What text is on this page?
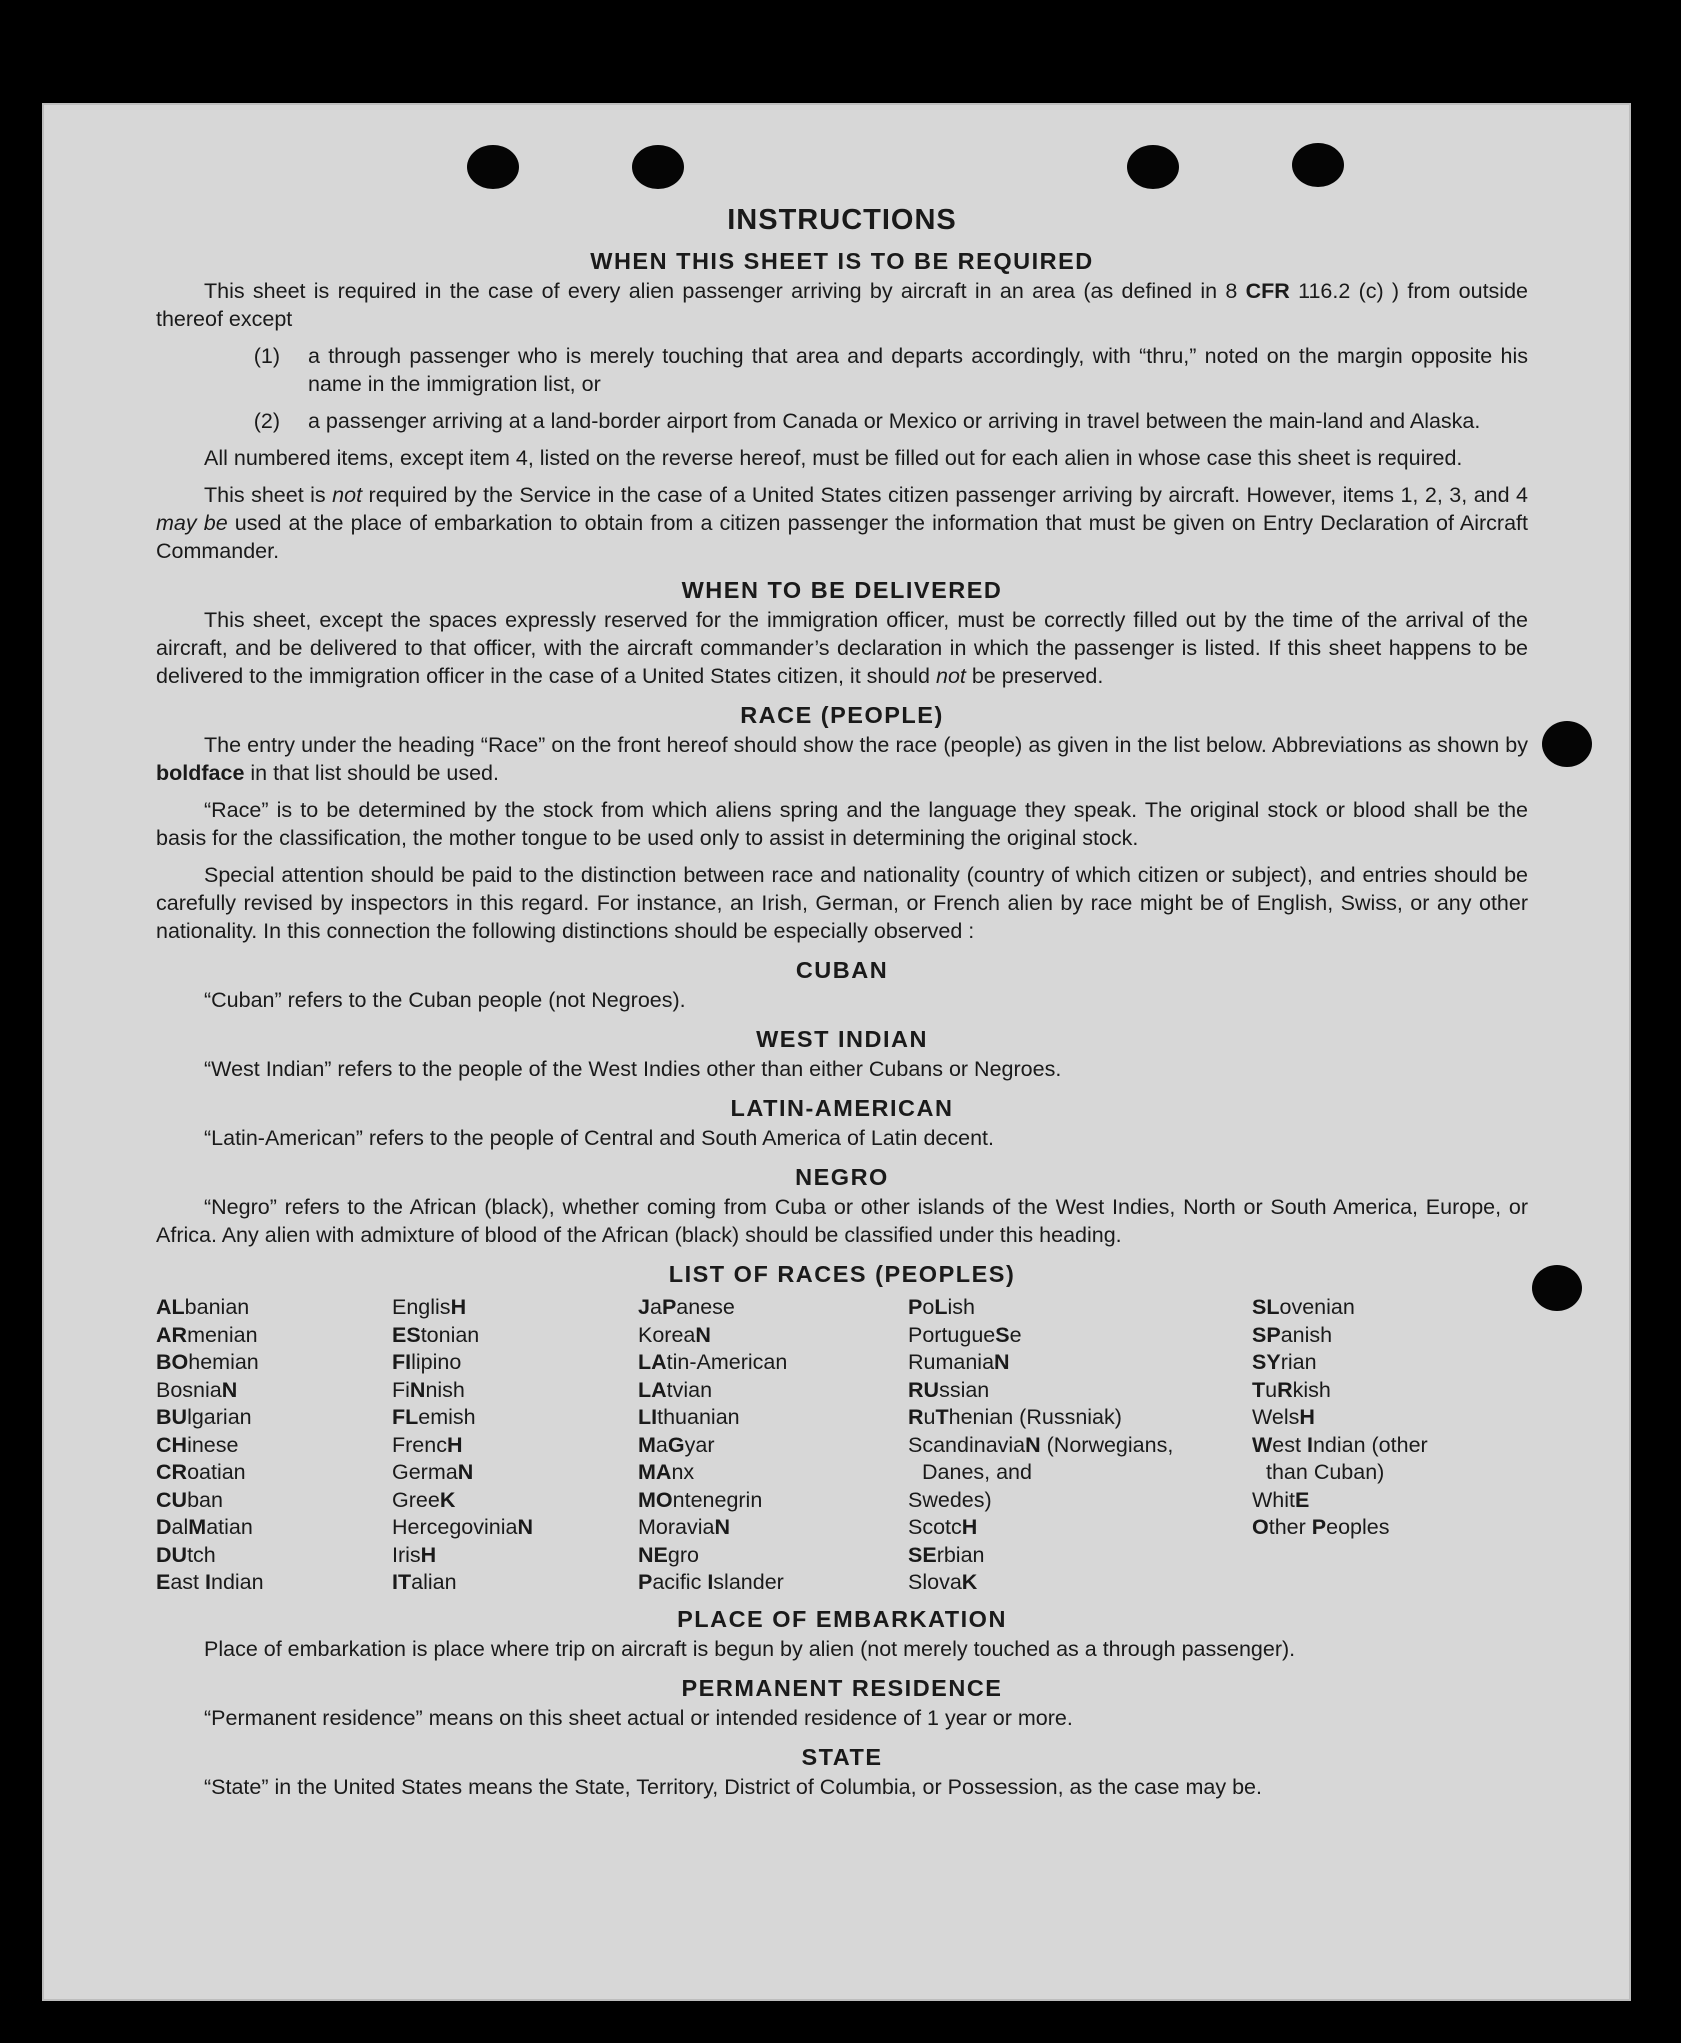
INSTRUCTIONS
WHEN THIS SHEET IS TO BE REQUIRED

This sheet is required in the case of every alien passenger arriving by aircraft in an area (as defined in 8 CFR 116.2 (c) ) from outside thereof except

(1)	a through passenger who is merely touching that area and departs accordingly, with “thru,” noted on the margin opposite his name in the immigration list, or
(2)	a passenger arriving at a land-border airport from Canada or Mexico or arriving in travel between the main-land and Alaska.

All numbered items, except item 4, listed on the reverse hereof, must be filled out for each alien in whose case this sheet is required.

This sheet is not required by the Service in the case of a United States citizen passenger arriving by aircraft. However, items 1, 2, 3, and 4 may be used at the place of embarkation to obtain from a citizen passenger the information that must be given on Entry Declaration of Aircraft Commander.

WHEN TO BE DELIVERED

This sheet, except the spaces expressly reserved for the immigration officer, must be correctly filled out by the time of the arrival of the aircraft, and be delivered to that officer, with the aircraft commander’s declaration in which the passenger is listed. If this sheet happens to be delivered to the immigration officer in the case of a United States citizen, it should not be preserved.

RACE (PEOPLE)

The entry under the heading “Race” on the front hereof should show the race (people) as given in the list below. Abbreviations as shown by boldface in that list should be used.

“Race” is to be determined by the stock from which aliens spring and the language they speak. The original stock or blood shall be the basis for the classification, the mother tongue to be used only to assist in determining the original stock.

Special attention should be paid to the distinction between race and nationality (country of which citizen or subject), and entries should be carefully revised by inspectors in this regard. For instance, an Irish, German, or French alien by race might be of English, Swiss, or any other nationality. In this connection the following distinctions should be especially observed :

CUBAN

“Cuban” refers to the Cuban people (not Negroes).

WEST INDIAN

“West Indian” refers to the people of the West Indies other than either Cubans or Negroes.

LATIN-AMERICAN

“Latin-American” refers to the people of Central and South America of Latin decent.

NEGRO

“Negro” refers to the African (black), whether coming from Cuba or other islands of the West Indies, North or South America, Europe, or Africa. Any alien with admixture of blood of the African (black) should be classified under this heading.

LIST OF RACES (PEOPLES)
ALbanian
ARmenian
BOhemian
BosniaN
BUlgarian
CHinese
CRoatian
CUban
DalMatian
DUtch
East Indian
EnglisH
EStonian
FIlipino
FiNnish
FLemish
FrencH
GermaN
GreeK
HercegoviniaN
IrisH
ITalian
JaPanese
KoreaN
LAtin-American
LAtvian
LIthuanian
MaGyar
MAnx
MOntenegrin
MoraviaN
NEgro
Pacific Islander
PoLish
PortugueSe
RumaniaN
RUssian
RuThenian (Russniak)
ScandinaviaN (Norwegians,
Danes, and
Swedes)
ScotcH
SErbian
SlovaK
SLovenian
SPanish
SYrian
TuRkish
WelsH
West Indian (other
than Cuban)
WhitE
Other Peoples
PLACE OF EMBARKATION

Place of embarkation is place where trip on aircraft is begun by alien (not merely touched as a through passenger).

PERMANENT RESIDENCE

“Permanent residence” means on this sheet actual or intended residence of 1 year or more.

STATE

“State” in the United States means the State, Territory, District of Columbia, or Possession, as the case may be.
